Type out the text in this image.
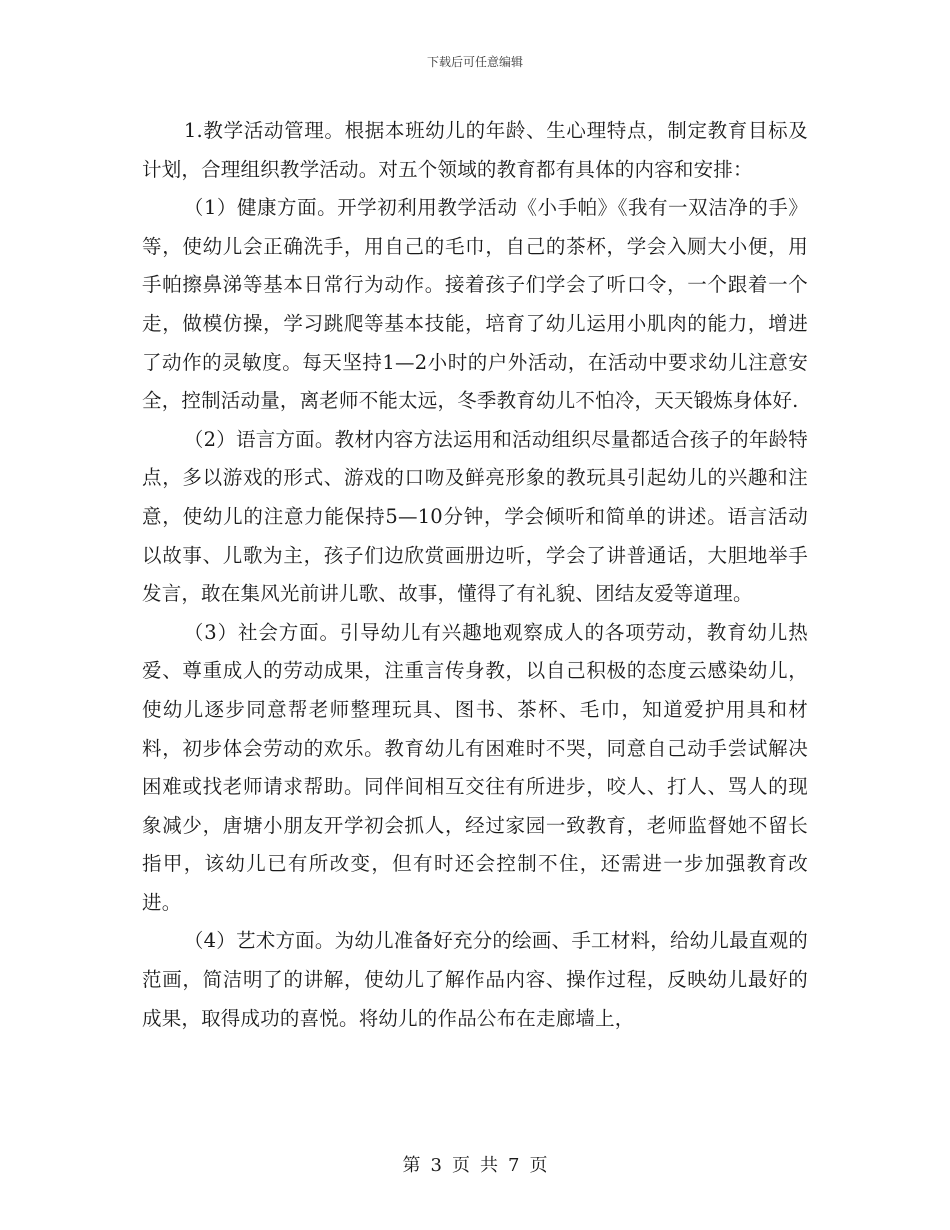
下载后可任意编辑

1.教学活动管理。根据本班幼儿的年龄、生心理特点，制定教育目标及计划，合理组织教学活动。对五个领域的教育都有具体的内容和安排：

（1）健康方面。开学初利用教学活动《小手帕》《我有一双洁净的手》等，使幼儿会正确洗手，用自己的毛巾，自己的茶杯，学会入厕大小便，用手帕擦鼻涕等基本日常行为动作。接着孩子们学会了听口令，一个跟着一个走，做模仿操，学习跳爬等基本技能，培育了幼儿运用小肌肉的能力，增进了动作的灵敏度。每天坚持1—2小时的户外活动，在活动中要求幼儿注意安全，控制活动量，离老师不能太远，冬季教育幼儿不怕冷，天天锻炼身体好.

（2）语言方面。教材内容方法运用和活动组织尽量都适合孩子的年龄特点，多以游戏的形式、游戏的口吻及鲜亮形象的教玩具引起幼儿的兴趣和注意，使幼儿的注意力能保持5—10分钟，学会倾听和简单的讲述。语言活动以故事、儿歌为主，孩子们边欣赏画册边听，学会了讲普通话，大胆地举手发言，敢在集风光前讲儿歌、故事，懂得了有礼貌、团结友爱等道理。

（3）社会方面。引导幼儿有兴趣地观察成人的各项劳动，教育幼儿热爱、尊重成人的劳动成果，注重言传身教，以自己积极的态度云感染幼儿，使幼儿逐步同意帮老师整理玩具、图书、茶杯、毛巾，知道爱护用具和材料，初步体会劳动的欢乐。教育幼儿有困难时不哭，同意自己动手尝试解决困难或找老师请求帮助。同伴间相互交往有所进步，咬人、打人、骂人的现象减少，唐塘小朋友开学初会抓人，经过家园一致教育，老师监督她不留长指甲，该幼儿已有所改变，但有时还会控制不住，还需进一步加强教育改进。

（4）艺术方面。为幼儿准备好充分的绘画、手工材料，给幼儿最直观的范画，简洁明了的讲解，使幼儿了解作品内容、操作过程，反映幼儿最好的成果，取得成功的喜悦。将幼儿的作品公布在走廊墙上，

第 3 页 共 7 页
